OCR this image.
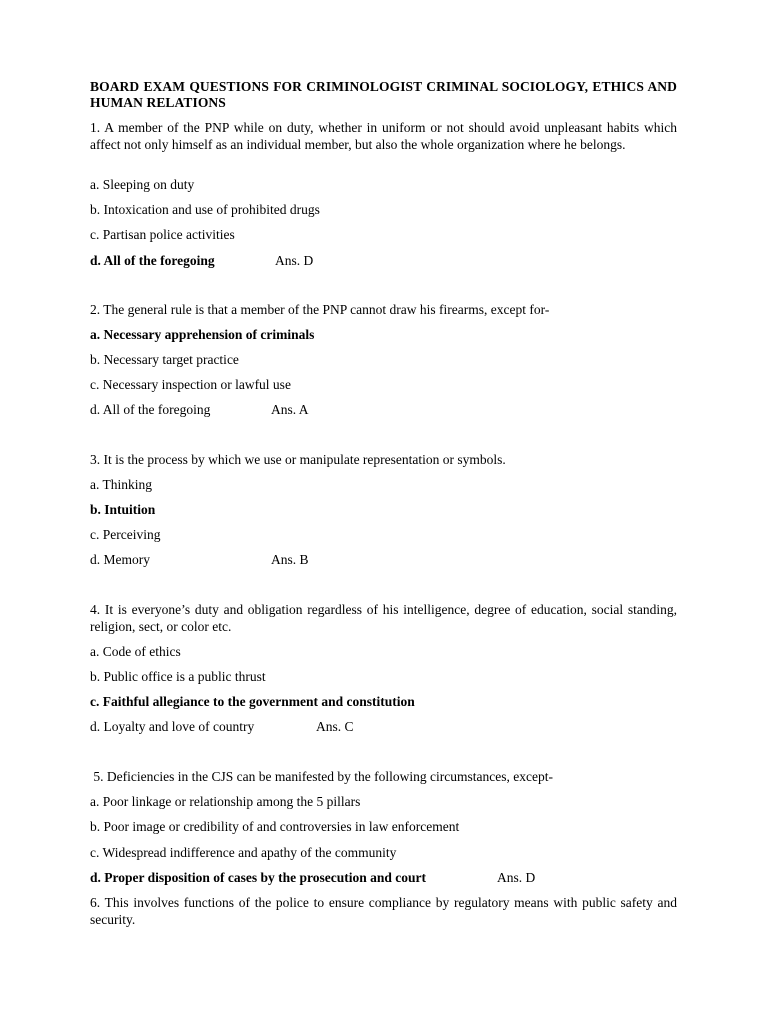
BOARD EXAM QUESTIONS FOR CRIMINOLOGIST CRIMINAL SOCIOLOGY, ETHICS AND HUMAN RELATIONS
1. A member of the PNP while on duty, whether in uniform or not should avoid unpleasant habits which affect not only himself as an individual member, but also the whole organization where he belongs.
a. Sleeping on duty
b. Intoxication and use of prohibited drugs
c. Partisan police activities
d. All of the foregoing	Ans. D
2. The general rule is that a member of the PNP cannot draw his firearms, except for-
a. Necessary apprehension of criminals
b. Necessary target practice
c. Necessary inspection or lawful use
d. All of the foregoing	Ans. A
3. It is the process by which we use or manipulate representation or symbols.
a. Thinking
b. Intuition
c. Perceiving
d. Memory	Ans. B
4. It is everyone’s duty and obligation regardless of his intelligence, degree of education, social standing, religion, sect, or color etc.
a. Code of ethics
b. Public office is a public thrust
c. Faithful allegiance to the government and constitution
d. Loyalty and love of country	Ans. C
5. Deficiencies in the CJS can be manifested by the following circumstances, except-
a. Poor linkage or relationship among the 5 pillars
b. Poor image or credibility of and controversies in law enforcement
c. Widespread indifference and apathy of the community
d. Proper disposition of cases by the prosecution and court	Ans. D
6. This involves functions of the police to ensure compliance by regulatory means with public safety and security.
